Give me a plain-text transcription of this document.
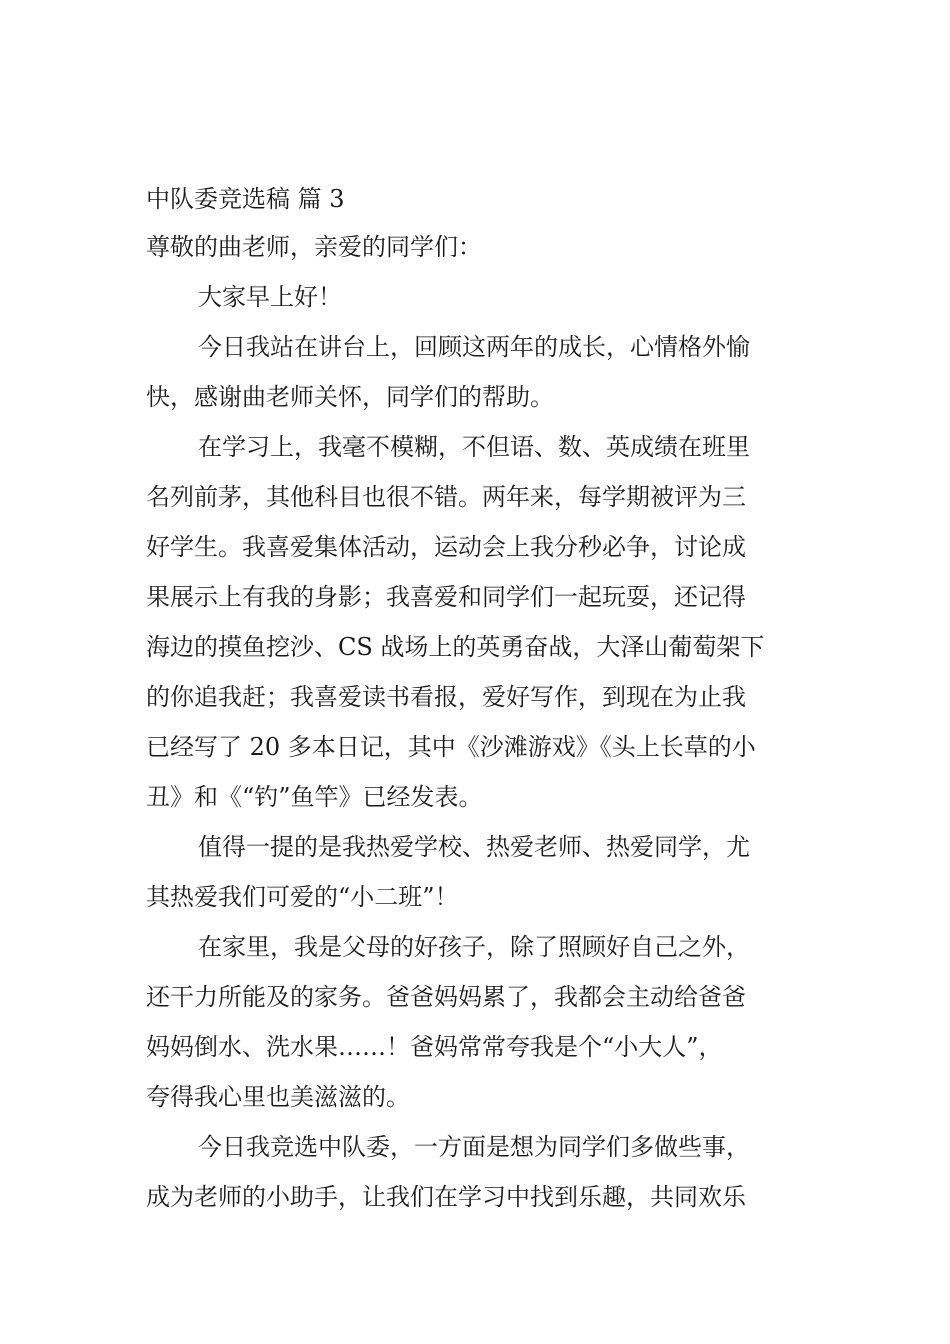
中队委竞选稿 篇 3
尊敬的曲老师，亲爱的同学们：
大家早上好！
今日我站在讲台上，回顾这两年的成长，心情格外愉
快，感谢曲老师关怀，同学们的帮助。
在学习上，我毫不模糊，不但语、数、英成绩在班里
名列前茅，其他科目也很不错。两年来，每学期被评为三
好学生。我喜爱集体活动，运动会上我分秒必争，讨论成
果展示上有我的身影；我喜爱和同学们一起玩耍，还记得
海边的摸鱼挖沙、CS 战场上的英勇奋战，大泽山葡萄架下
的你追我赶；我喜爱读书看报，爱好写作，到现在为止我
已经写了 20 多本日记，其中《沙滩游戏》《头上长草的小
丑》和《“钓”鱼竿》已经发表。
值得一提的是我热爱学校、热爱老师、热爱同学，尤
其热爱我们可爱的“小二班”！
在家里，我是父母的好孩子，除了照顾好自己之外，
还干力所能及的家务。爸爸妈妈累了，我都会主动给爸爸
妈妈倒水、洗水果……！爸妈常常夸我是个“小大人”，
夸得我心里也美滋滋的。
今日我竞选中队委，一方面是想为同学们多做些事，
成为老师的小助手，让我们在学习中找到乐趣，共同欢乐
